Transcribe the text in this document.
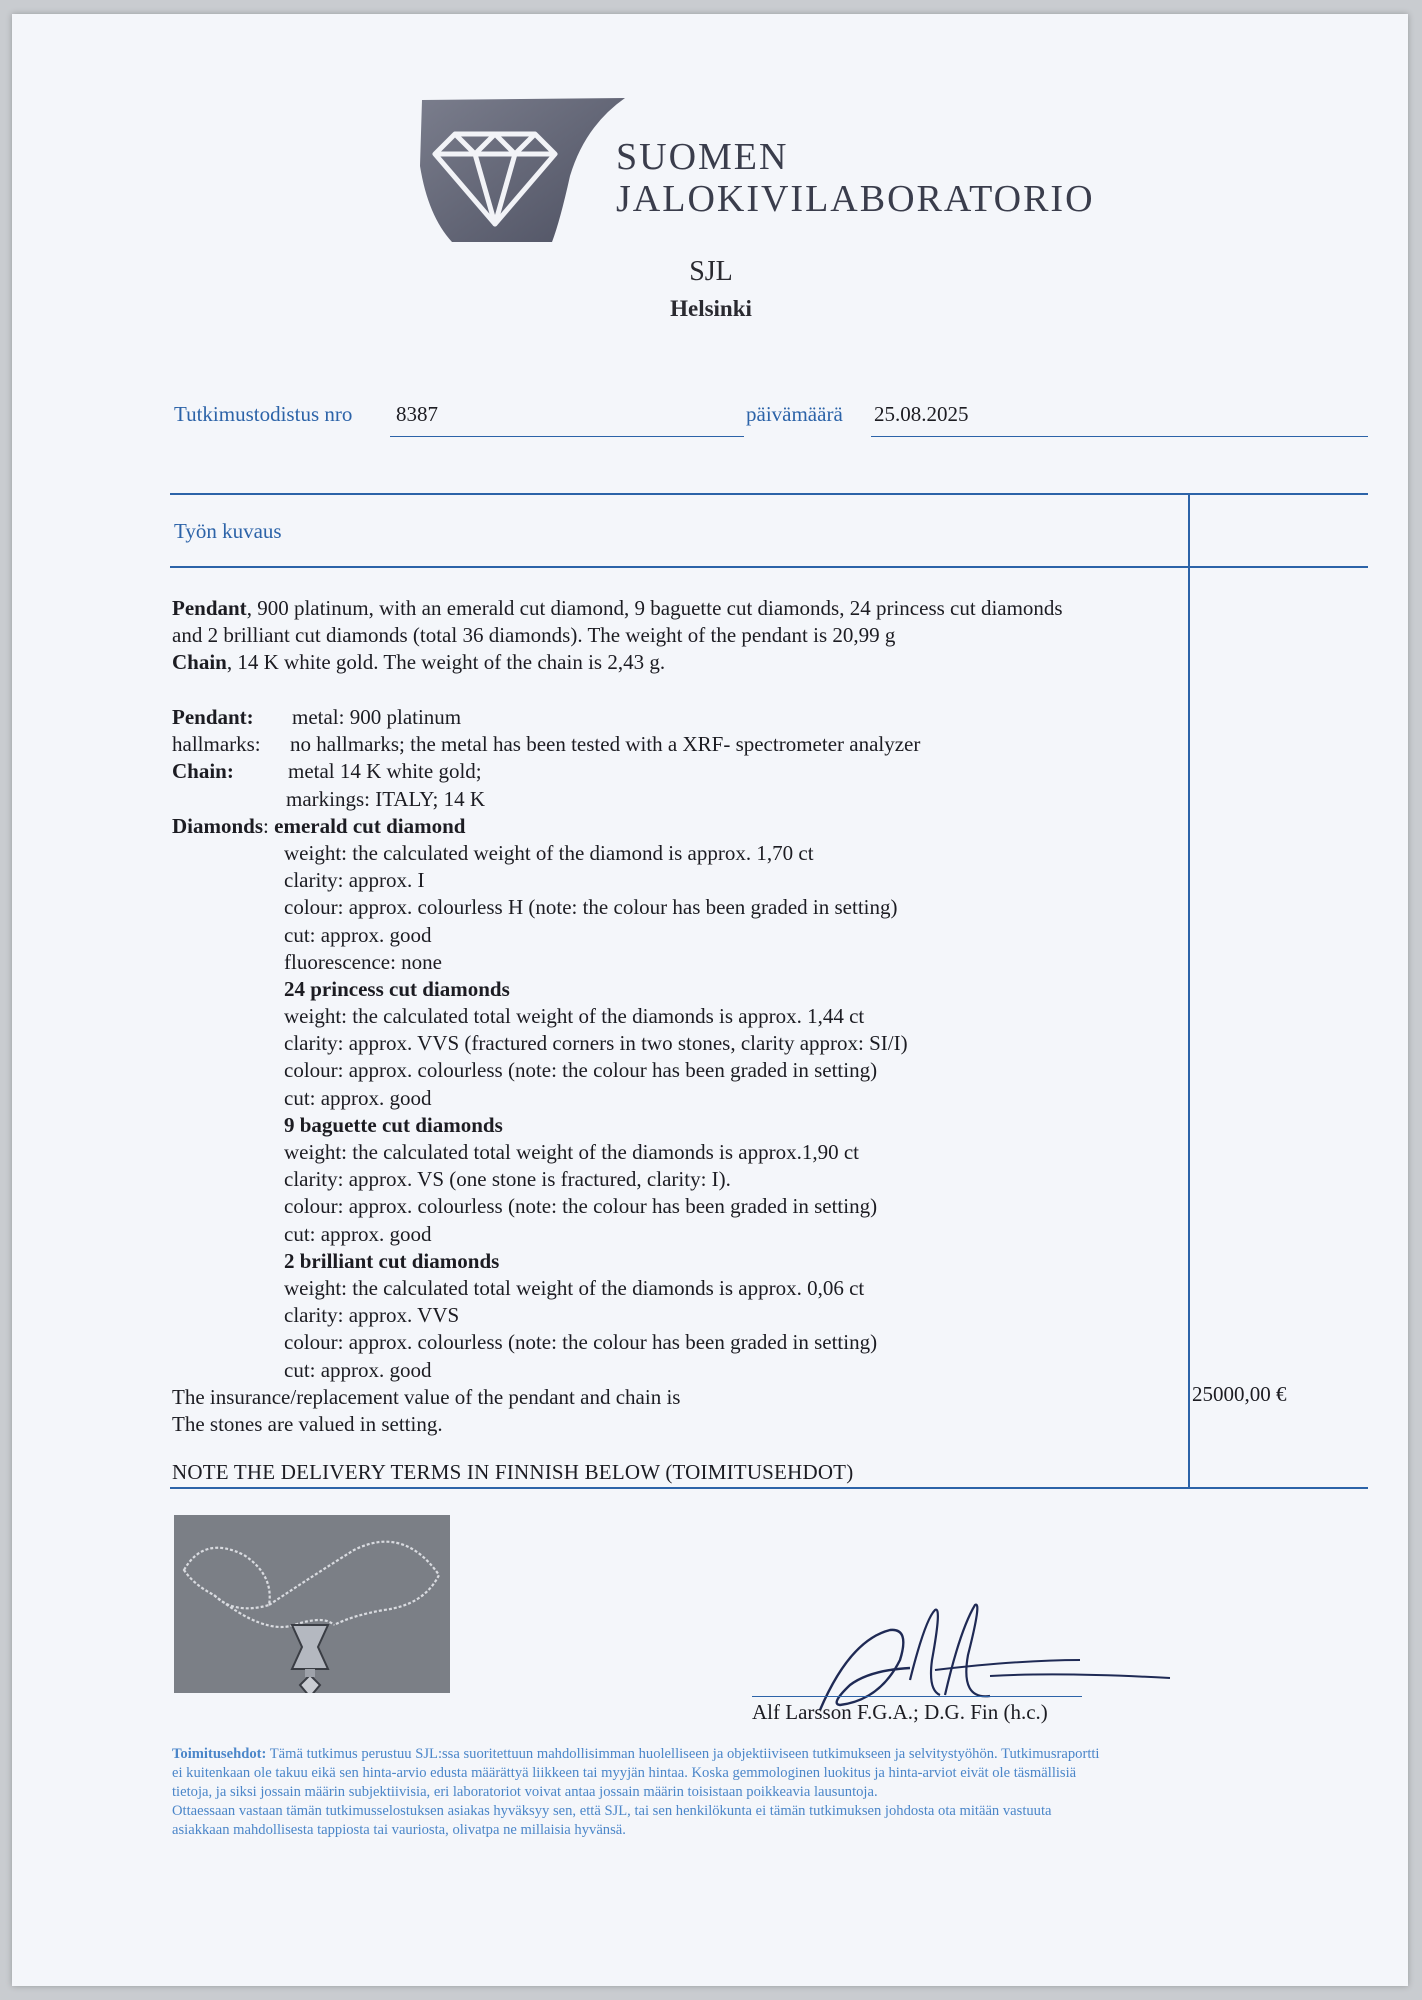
SUOMEN
JALOKIVILABORATORIO
SJL
Helsinki
Tutkimustodistus nro 8387	päivämäärä 25.08.2025
Työn kuvaus

Pendant, 900 platinum, with an emerald cut diamond, 9 baguette cut diamonds, 24 princess cut diamonds

and 2 brilliant cut diamonds (total 36 diamonds). The weight of the pendant is 20,99 g

Chain, 14 K white gold. The weight of the chain is 2,43 g.

Pendant: metal: 900 platinum
hallmarks: no hallmarks; the metal has been tested with a XRF- spectrometer analyzer
Chain:	metal 14 K white gold;
markings: ITALY; 14 K
Diamonds: emerald cut diamond
weight: the calculated weight of the diamond is approx. 1,70 ct
clarity: approx. I
colour: approx. colourless H (note: the colour has been graded in setting)
cut: approx. good
fluorescence: none
24 princess cut diamonds
weight: the calculated total weight of the diamonds is approx. 1,44 ct
clarity: approx. VVS (fractured corners in two stones, clarity approx: SI/I)
colour: approx. colourless (note: the colour has been graded in setting)
cut: approx. good
9 baguette cut diamonds
weight: the calculated total weight of the diamonds is approx.1,90 ct
clarity: approx. VS (one stone is fractured, clarity: I).
colour: approx. colourless (note: the colour has been graded in setting)
cut: approx. good
2 brilliant cut diamonds
weight: the calculated total weight of the diamonds is approx. 0,06 ct
clarity: approx. VVS
colour: approx. colourless (note: the colour has been graded in setting)
cut: approx. good
The insurance/replacement value of the pendant and chain is
The stones are valued in setting.
25000,00 €
NOTE THE DELIVERY TERMS IN FINNISH BELOW (TOIMITUSEHDOT)
Alf Larsson F.G.A.; D.G. Fin (h.c.)
Toimitusehdot: Tämä tutkimus perustuu SJL:ssa suoritettuun mahdollisimman huolelliseen ja objektiiviseen tutkimukseen ja selvitystyöhön. Tutkimusraportti
ei kuitenkaan ole takuu eikä sen hinta-arvio edusta määrättyä liikkeen tai myyjän hintaa. Koska gemmologinen luokitus ja hinta-arviot eivät ole täsmällisiä
tietoja, ja siksi jossain määrin subjektiivisia, eri laboratoriot voivat antaa jossain määrin toisistaan poikkeavia lausuntoja.
Ottaessaan vastaan tämän tutkimusselostuksen asiakas hyväksyy sen, että SJL, tai sen henkilökunta ei tämän tutkimuksen johdosta ota mitään vastuuta
asiakkaan mahdollisesta tappiosta tai vauriosta, olivatpa ne millaisia hyvänsä.
